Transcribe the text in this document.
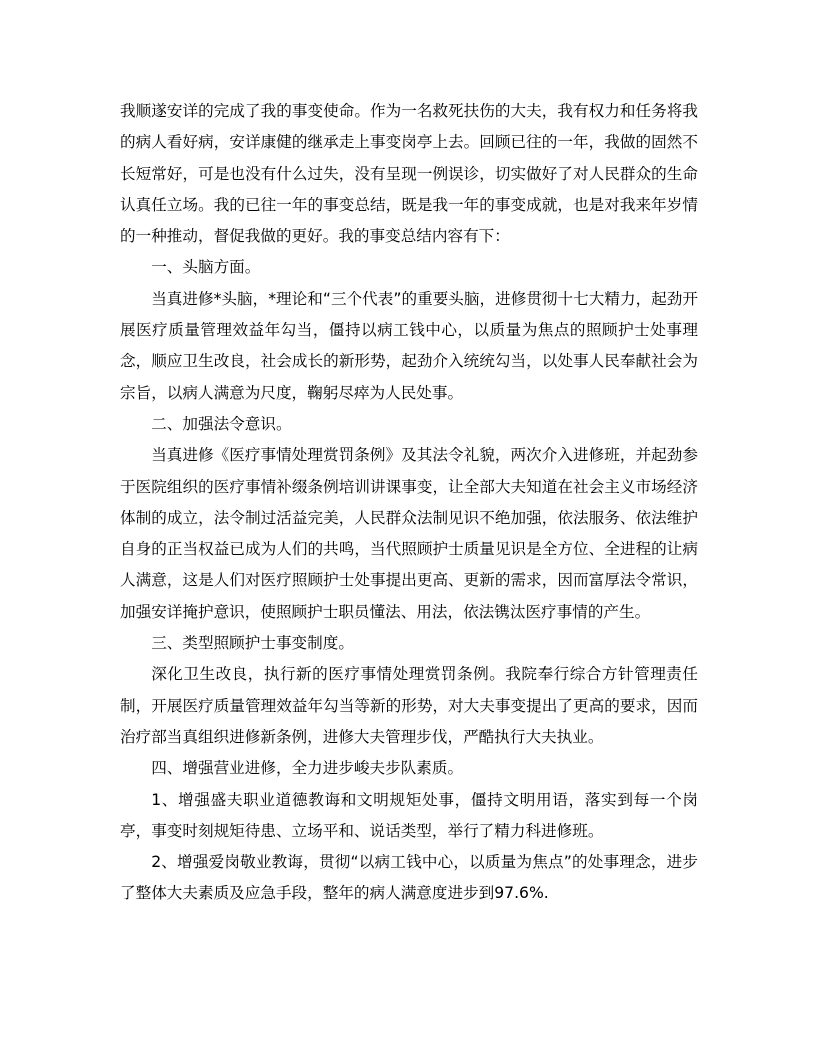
我顺遂安详的完成了我的事变使命。作为一名救死扶伤的大夫，我有权力和任务将我的病人看好病，安详康健的继承走上事变岗亭上去。回顾已往的一年，我做的固然不长短常好，可是也没有什么过失，没有呈现一例误诊，切实做好了对人民群众的生命认真任立场。我的已往一年的事变总结，既是我一年的事变成就，也是对我来年岁情的一种推动，督促我做的更好。我的事变总结内容有下：

一、头脑方面。

当真进修*头脑，*理论和“三个代表”的重要头脑，进修贯彻十七大精力，起劲开展医疗质量管理效益年勾当，僵持以病工钱中心，以质量为焦点的照顾护士处事理念，顺应卫生改良，社会成长的新形势，起劲介入统统勾当，以处事人民奉献社会为宗旨，以病人满意为尺度，鞠躬尽瘁为人民处事。

二、加强法令意识。

当真进修《医疗事情处理赏罚条例》及其法令礼貌，两次介入进修班，并起劲参于医院组织的医疗事情补缀条例培训讲课事变，让全部大夫知道在社会主义市场经济体制的成立，法令制过活益完美，人民群众法制见识不绝加强，依法服务、依法维护自身的正当权益已成为人们的共鸣，当代照顾护士质量见识是全方位、全进程的让病人满意，这是人们对医疗照顾护士处事提出更高、更新的需求，因而富厚法令常识，加强安详掩护意识，使照顾护士职员懂法、用法，依法镌汰医疗事情的产生。

三、类型照顾护士事变制度。

深化卫生改良，执行新的医疗事情处理赏罚条例。我院奉行综合方针管理责任制，开展医疗质量管理效益年勾当等新的形势，对大夫事变提出了更高的要求，因而治疗部当真组织进修新条例，进修大夫管理步伐，严酷执行大夫执业。

四、增强营业进修，全力进步峻夫步队素质。

1、增强盛夫职业道德教诲和文明规矩处事，僵持文明用语，落实到每一个岗亭，事变时刻规矩待患、立场平和、说话类型，举行了精力科进修班。

2、增强爱岗敬业教诲，贯彻“以病工钱中心，以质量为焦点”的处事理念，进步了整体大夫素质及应急手段，整年的病人满意度进步到97.6%.
